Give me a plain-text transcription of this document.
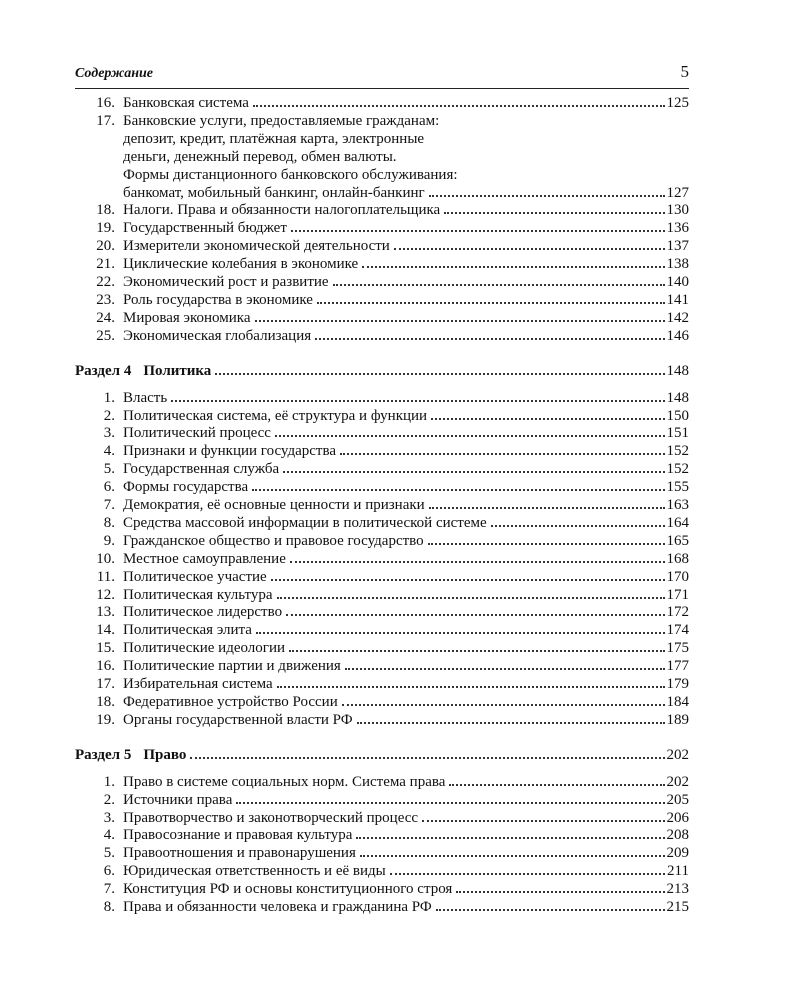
Содержание	5
16. Банковская система	125
17. Банковские услуги, предоставляемые гражданам:
депозит, кредит, платёжная карта, электронные
деньги, денежный перевод, обмен валюты.
Формы дистанционного банковского обслуживания:
банкомат, мобильный банкинг, онлайн-банкинг	127
18. Налоги. Права и обязанности налогоплательщика	130
19. Государственный бюджет	136
20. Измерители экономической деятельности	137
21. Циклические колебания в экономике	138
22. Экономический рост и развитие	140
23. Роль государства в экономике	141
24. Мировая экономика	142
25. Экономическая глобализация	146
Раздел 4 Политика	148
1. Власть	148
2. Политическая система, её структура и функции	150
3. Политический процесс	151
4. Признаки и функции государства	152
5. Государственная служба	152
6. Формы государства	155
7. Демократия, её основные ценности и признаки	163
8. Средства массовой информации в политической системе	164
9. Гражданское общество и правовое государство	165
10. Местное самоуправление	168
11. Политическое участие	170
12. Политическая культура	171
13. Политическое лидерство	172
14. Политическая элита	174
15. Политические идеологии	175
16. Политические партии и движения	177
17. Избирательная система	179
18. Федеративное устройство России	184
19. Органы государственной власти РФ	189
Раздел 5 Право	202
1. Право в системе социальных норм. Система права	202
2. Источники права	205
3. Правотворчество и законотворческий процесс	206
4. Правосознание и правовая культура	208
5. Правоотношения и правонарушения	209
6. Юридическая ответственность и её виды	211
7. Конституция РФ и основы конституционного строя	213
8. Права и обязанности человека и гражданина РФ	215
